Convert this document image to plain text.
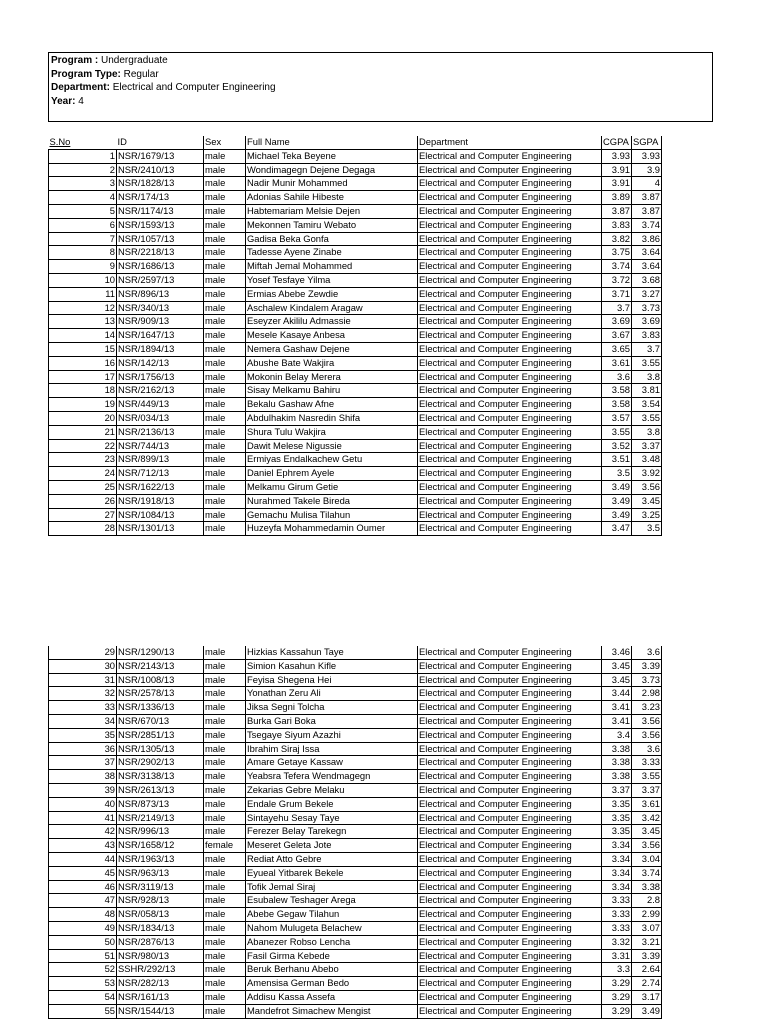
Program : Undergraduate
Program Type: Regular
Department: Electrical and Computer Engineering
Year: 4
S.No	ID	Sex	Full Name	Department	CGPA	SGPA
1	NSR/1679/13	male	Michael Teka Beyene	Electrical and Computer Engineering	3.93	3.93
2	NSR/2410/13	male	Wondimagegn Dejene Degaga	Electrical and Computer Engineering	3.91	3.9
3	NSR/1828/13	male	Nadir Munir Mohammed	Electrical and Computer Engineering	3.91	4
4	NSR/174/13	male	Adonias Sahile Hibeste	Electrical and Computer Engineering	3.89	3.87
5	NSR/1174/13	male	Habtemariam Melsie Dejen	Electrical and Computer Engineering	3.87	3.87
6	NSR/1593/13	male	Mekonnen Tamiru Webato	Electrical and Computer Engineering	3.83	3.74
7	NSR/1057/13	male	Gadisa Beka Gonfa	Electrical and Computer Engineering	3.82	3.86
8	NSR/2218/13	male	Tadesse Ayene Zinabe	Electrical and Computer Engineering	3.75	3.64
9	NSR/1686/13	male	Miftah Jemal Mohammed	Electrical and Computer Engineering	3.74	3.64
10	NSR/2597/13	male	Yosef Tesfaye Yilma	Electrical and Computer Engineering	3.72	3.68
11	NSR/896/13	male	Ermias Abebe Zewdie	Electrical and Computer Engineering	3.71	3.27
12	NSR/340/13	male	Aschalew Kindalem Aragaw	Electrical and Computer Engineering	3.7	3.73
13	NSR/909/13	male	Eseyzer Akililu Admassie	Electrical and Computer Engineering	3.69	3.69
14	NSR/1647/13	male	Mesele Kasaye Anbesa	Electrical and Computer Engineering	3.67	3.83
15	NSR/1894/13	male	Nemera Gashaw Dejene	Electrical and Computer Engineering	3.65	3.7
16	NSR/142/13	male	Abushe Bate Wakjira	Electrical and Computer Engineering	3.61	3.55
17	NSR/1756/13	male	Mokonin Belay Merera	Electrical and Computer Engineering	3.6	3.8
18	NSR/2162/13	male	Sisay Melkamu Bahiru	Electrical and Computer Engineering	3.58	3.81
19	NSR/449/13	male	Bekalu Gashaw Afne	Electrical and Computer Engineering	3.58	3.54
20	NSR/034/13	male	Abdulhakim Nasredin Shifa	Electrical and Computer Engineering	3.57	3.55
21	NSR/2136/13	male	Shura Tulu Wakjira	Electrical and Computer Engineering	3.55	3.8
22	NSR/744/13	male	Dawit Melese Nigussie	Electrical and Computer Engineering	3.52	3.37
23	NSR/899/13	male	Ermiyas Endalkachew Getu	Electrical and Computer Engineering	3.51	3.48
24	NSR/712/13	male	Daniel Ephrem Ayele	Electrical and Computer Engineering	3.5	3.92
25	NSR/1622/13	male	Melkamu Girum Getie	Electrical and Computer Engineering	3.49	3.56
26	NSR/1918/13	male	Nurahmed Takele Bireda	Electrical and Computer Engineering	3.49	3.45
27	NSR/1084/13	male	Gemachu Mulisa Tilahun	Electrical and Computer Engineering	3.49	3.25
28	NSR/1301/13	male	Huzeyfa Mohammedamin Oumer	Electrical and Computer Engineering	3.47	3.5
29	NSR/1290/13	male	Hizkias Kassahun Taye	Electrical and Computer Engineering	3.46	3.6
30	NSR/2143/13	male	Simion Kasahun Kifle	Electrical and Computer Engineering	3.45	3.39
31	NSR/1008/13	male	Feyisa Shegena Hei	Electrical and Computer Engineering	3.45	3.73
32	NSR/2578/13	male	Yonathan Zeru Ali	Electrical and Computer Engineering	3.44	2.98
33	NSR/1336/13	male	Jiksa Segni Tolcha	Electrical and Computer Engineering	3.41	3.23
34	NSR/670/13	male	Burka Gari Boka	Electrical and Computer Engineering	3.41	3.56
35	NSR/2851/13	male	Tsegaye Siyum Azazhi	Electrical and Computer Engineering	3.4	3.56
36	NSR/1305/13	male	Ibrahim Siraj Issa	Electrical and Computer Engineering	3.38	3.6
37	NSR/2902/13	male	Amare Getaye Kassaw	Electrical and Computer Engineering	3.38	3.33
38	NSR/3138/13	male	Yeabsra Tefera Wendmagegn	Electrical and Computer Engineering	3.38	3.55
39	NSR/2613/13	male	Zekarias Gebre Melaku	Electrical and Computer Engineering	3.37	3.37
40	NSR/873/13	male	Endale Grum Bekele	Electrical and Computer Engineering	3.35	3.61
41	NSR/2149/13	male	Sintayehu Sesay Taye	Electrical and Computer Engineering	3.35	3.42
42	NSR/996/13	male	Ferezer Belay Tarekegn	Electrical and Computer Engineering	3.35	3.45
43	NSR/1658/12	female	Meseret Geleta Jote	Electrical and Computer Engineering	3.34	3.56
44	NSR/1963/13	male	Rediat Atto Gebre	Electrical and Computer Engineering	3.34	3.04
45	NSR/963/13	male	Eyueal Yitbarek Bekele	Electrical and Computer Engineering	3.34	3.74
46	NSR/3119/13	male	Tofik Jemal Siraj	Electrical and Computer Engineering	3.34	3.38
47	NSR/928/13	male	Esubalew Teshager Arega	Electrical and Computer Engineering	3.33	2.8
48	NSR/058/13	male	Abebe Gegaw Tilahun	Electrical and Computer Engineering	3.33	2.99
49	NSR/1834/13	male	Nahom Mulugeta Belachew	Electrical and Computer Engineering	3.33	3.07
50	NSR/2876/13	male	Abanezer Robso Lencha	Electrical and Computer Engineering	3.32	3.21
51	NSR/980/13	male	Fasil Girma Kebede	Electrical and Computer Engineering	3.31	3.39
52	SSHR/292/13	male	Beruk Berhanu Abebo	Electrical and Computer Engineering	3.3	2.64
53	NSR/282/13	male	Amensisa German Bedo	Electrical and Computer Engineering	3.29	2.74
54	NSR/161/13	male	Addisu Kassa Assefa	Electrical and Computer Engineering	3.29	3.17
55	NSR/1544/13	male	Mandefrot Simachew Mengist	Electrical and Computer Engineering	3.29	3.49
